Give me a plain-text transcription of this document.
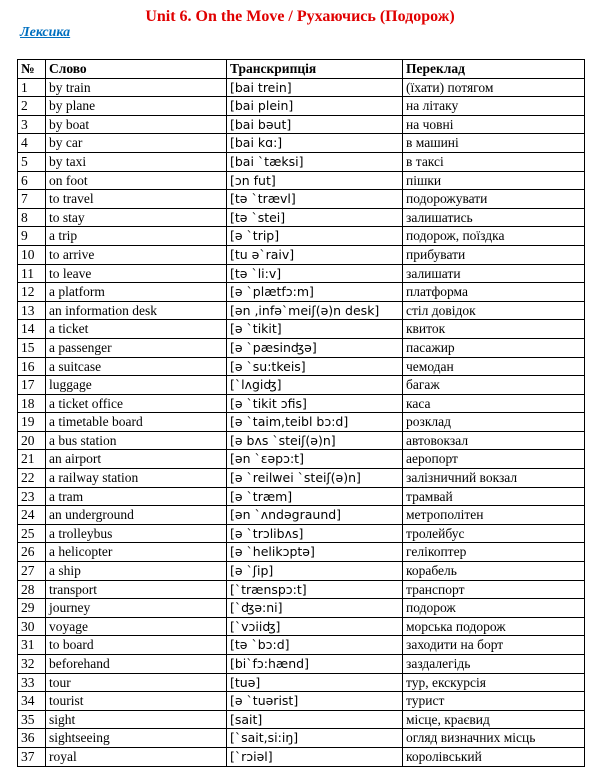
Unit 6. On the Move / Рухаючись (Подорож)
Лексика
№	Слово	Транскрипція	Переклад
1	by train	[bai trein]	(їхати) потягом
2	by plane	[bai plein]	на літаку
3	by boat	[bai bəut]	на човні
4	by car	[bai kɑ:]	в машині
5	by taxi	[bai `tæksi]	в таксі
6	on foot	[ɔn fut]	пішки
7	to travel	[tə `trævl]	подорожувати
8	to stay	[tə `stei]	залишатись
9	a trip	[ə `trip]	подорож, поїздка
10	to arrive	[tu ə`raiv]	прибувати
11	to leave	[tə `li:v]	залишати
12	a platform	[ə `plætfɔ:m]	платформа
13	an information desk	[ən ,infə`meiʃ(ə)n desk]	стіл довідок
14	a ticket	[ə `tikit]	квиток
15	a passenger	[ə `pæsinʤə]	пасажир
16	a suitcase	[ə `su:tkeis]	чемодан
17	luggage	[`lʌgiʤ]	багаж
18	a ticket office	[ə `tikit ɔfis]	каса
19	a timetable board	[ə `taim,teibl bɔ:d]	розклад
20	a bus station	[ə bʌs `steiʃ(ə)n]	автовокзал
21	an airport	[ən `ɛəpɔ:t]	аеропорт
22	a railway station	[ə `reilwei `steiʃ(ə)n]	залізничний вокзал
23	a tram	[ə `træm]	трамвай
24	an underground	[ən `ʌndəgraund]	метрополітен
25	a trolleybus	[ə `trɔlibʌs]	тролейбус
26	a helicopter	[ə `helikɔptə]	гелікоптер
27	a ship	[ə `ʃip]	корабель
28	transport	[`trænspɔ:t]	транспорт
29	journey	[`ʤə:ni]	подорож
30	voyage	[`vɔiiʤ]	морська подорож
31	to board	[tə `bɔ:d]	заходити на борт
32	beforehand	[bi`fɔ:hænd]	заздалегідь
33	tour	[tuə]	тур, екскурсія
34	tourist	[ə `tuərist]	турист
35	sight	[sait]	місце, краєвид
36	sightseeing	[`sait,si:iŋ]	огляд визначних місць
37	royal	[`rɔiəl]	королівський
